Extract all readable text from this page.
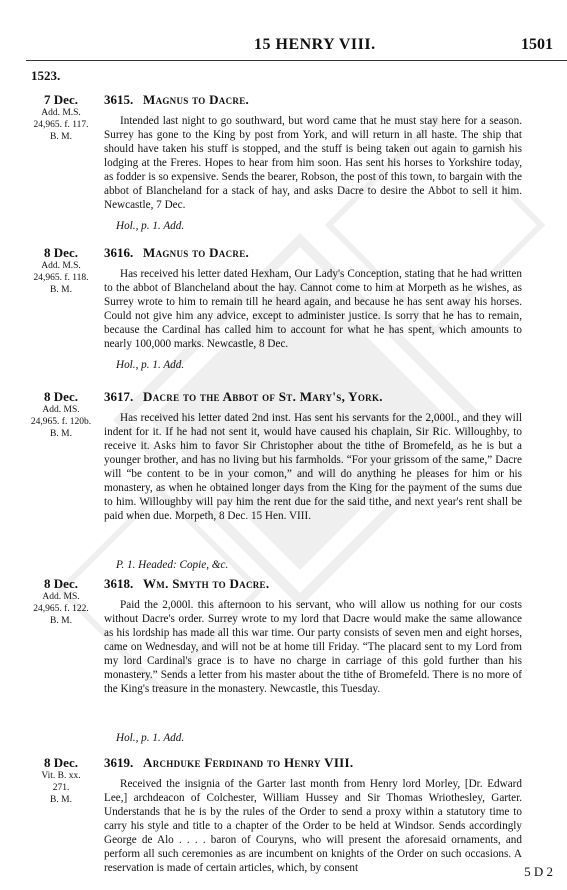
15 HENRY VIII.	1501
1523.
7 Dec.
Add. M.S.
24,965. f. 117.
B. M.
3615. Magnus to Dacre.

Intended last night to go southward, but word came that he must stay here for a season. Surrey has gone to the King by post from York, and will return in all haste. The ship that should have taken his stuff is stopped, and the stuff is being taken out again to garnish his lodging at the Freres. Hopes to hear from him soon. Has sent his horses to Yorkshire today, as fodder is so expensive. Sends the bearer, Robson, the post of this town, to bargain with the abbot of Blancheland for a stack of hay, and asks Dacre to desire the Abbot to sell it him. Newcastle, 7 Dec.

Hol., p. 1. Add.
8 Dec.
Add. M.S.
24,965. f. 118.
B. M.
3616. Magnus to Dacre.

Has received his letter dated Hexham, Our Lady's Conception, stating that he had written to the abbot of Blancheland about the hay. Cannot come to him at Morpeth as he wishes, as Surrey wrote to him to remain till he heard again, and because he has sent away his horses. Could not give him any advice, except to administer justice. Is sorry that he has to remain, because the Cardinal has called him to account for what he has spent, which amounts to nearly 100,000 marks. Newcastle, 8 Dec.

Hol., p. 1. Add.
8 Dec.
Add. MS.
24,965. f. 120b.
B. M.
3617. Dacre to the Abbot of St. Mary's, York.

Has received his letter dated 2nd inst. Has sent his servants for the 2,000l., and they will indent for it. If he had not sent it, would have caused his chaplain, Sir Ric. Willoughby, to receive it. Asks him to favor Sir Christopher about the tithe of Bromefeld, as he is but a younger brother, and has no living but his farmholds. “For your grissom of the same,” Dacre will “be content to be in your comon,” and will do anything he pleases for him or his monastery, as when he obtained longer days from the King for the payment of the sums due to him. Willoughby will pay him the rent due for the said tithe, and next year's rent shall be paid when due. Morpeth, 8 Dec. 15 Hen. VIII.

P. 1. Headed: Copie, &c.
8 Dec.
Add. MS.
24,965. f. 122.
B. M.
3618. Wm. Smyth to Dacre.

Paid the 2,000l. this afternoon to his servant, who will allow us nothing for our costs without Dacre's order. Surrey wrote to my lord that Dacre would make the same allowance as his lordship has made all this war time. Our party consists of seven men and eight horses, came on Wednesday, and will not be at home till Friday. “The placard sent to my Lord from my lord Cardinal's grace is to have no charge in carriage of this gold further than his monastery.” Sends a letter from his master about the tithe of Bromefeld. There is no more of the King's treasure in the monastery. Newcastle, this Tuesday.

Hol., p. 1. Add.
8 Dec.
Vit. B. xx.
271.
B. M.
3619. Archduke Ferdinand to Henry VIII.

Received the insignia of the Garter last month from Henry lord Morley, [Dr. Edward Lee,] archdeacon of Colchester, William Hussey and Sir Thomas Wriothesley, Garter. Understands that he is by the rules of the Order to send a proxy within a statutory time to carry his style and title to a chapter of the Order to be held at Windsor. Sends accordingly George de Alo . . . . baron of Couryns, who will present the aforesaid ornaments, and perform all such ceremonies as are incumbent on knights of the Order on such occasions. A reservation is made of certain articles, which, by consent	5 D 2
